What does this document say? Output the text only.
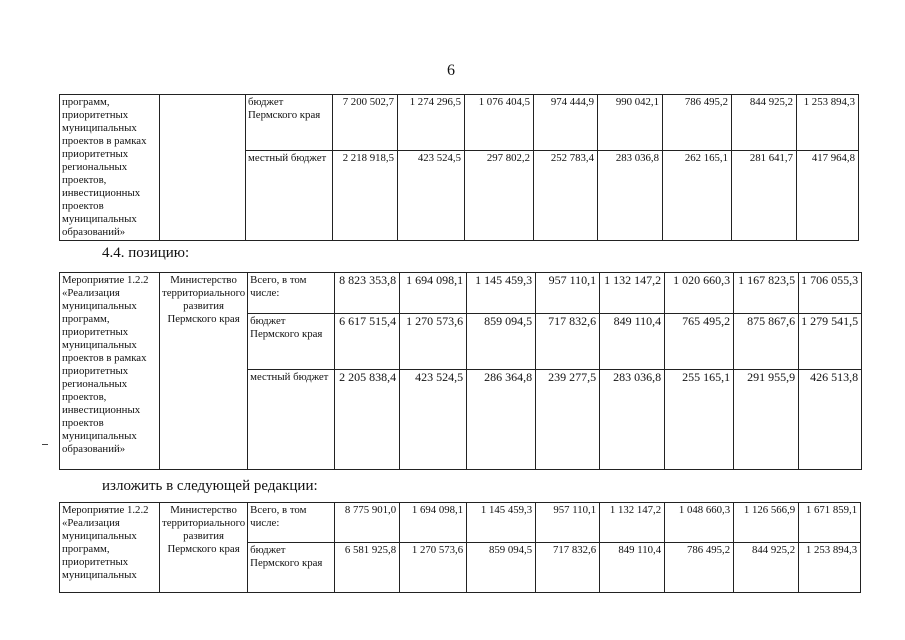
6
программ, приоритетных муниципальных проектов в рамках приоритетных региональных проектов, инвестиционных проектов муниципальных образований»		бюджет Пермского края	7 200 502,7	1 274 296,5	1 076 404,5	974 444,9	990 042,1	786 495,2	844 925,2	1 253 894,3
		местный бюджет	2 218 918,5	423 524,5	297 802,2	252 783,4	283 036,8	262 165,1	281 641,7	417 964,8
4.4. позицию:
Мероприятие 1.2.2 «Реализация муниципальных программ, приоритетных муниципальных проектов в рамках приоритетных региональных проектов, инвестиционных проектов муниципальных образований»	Министерство территориального развития Пермского края	Всего, в том числе:	8 823 353,8	1 694 098,1	1 145 459,3	957 110,1	1 132 147,2	1 020 660,3	1 167 823,5	1 706 055,3
		бюджет Пермского края	6 617 515,4	1 270 573,6	859 094,5	717 832,6	849 110,4	765 495,2	875 867,6	1 279 541,5
		местный бюджет	2 205 838,4	423 524,5	286 364,8	239 277,5	283 036,8	255 165,1	291 955,9	426 513,8
изложить в следующей редакции:
Мероприятие 1.2.2 «Реализация муниципальных программ, приоритетных муниципальных	Министерство территориального развития Пермского края	Всего, в том числе:	8 775 901,0	1 694 098,1	1 145 459,3	957 110,1	1 132 147,2	1 048 660,3	1 126 566,9	1 671 859,1
		бюджет Пермского края	6 581 925,8	1 270 573,6	859 094,5	717 832,6	849 110,4	786 495,2	844 925,2	1 253 894,3
